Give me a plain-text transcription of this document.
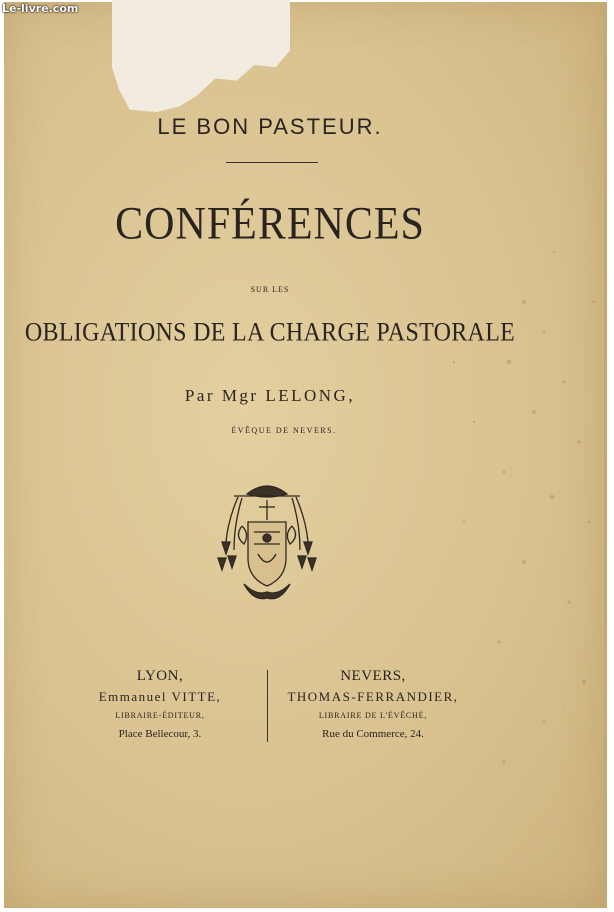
Le-livre.com
LE BON PASTEUR.
CONFÉRENCES
SUR LES
OBLIGATIONS DE LA CHARGE PASTORALE
Par Mgr LELONG,
ÉVÊQUE DE NEVERS.
LYON,
Emmanuel VITTE,
LIBRAIRE-ÉDITEUR,
Place Bellecour, 3.
NEVERS,
THOMAS-FERRANDIER,
LIBRAIRE DE L'ÉVÊCHÉ,
Rue du Commerce, 24.
